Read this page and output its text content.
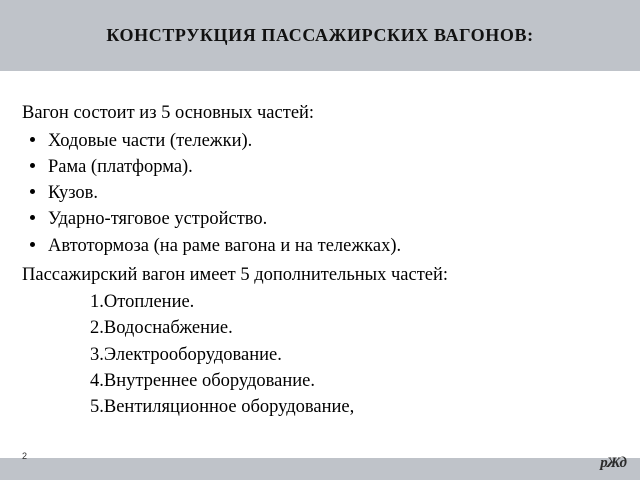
КОНСТРУКЦИЯ ПАССАЖИРСКИХ ВАГОНОВ:

Вагон состоит из 5 основных частей:

Ходовые части (тележки).
Рама (платформа).
Кузов.
Ударно-тяговое устройство.
Автотормоза (на раме вагона и на тележках).

Пассажирский вагон имеет 5 дополнительных частей:

1.Отопление.
2.Водоснабжение.
3.Электрооборудование.
4.Внутреннее оборудование.
5.Вентиляционное оборудование,
2	рЖд
